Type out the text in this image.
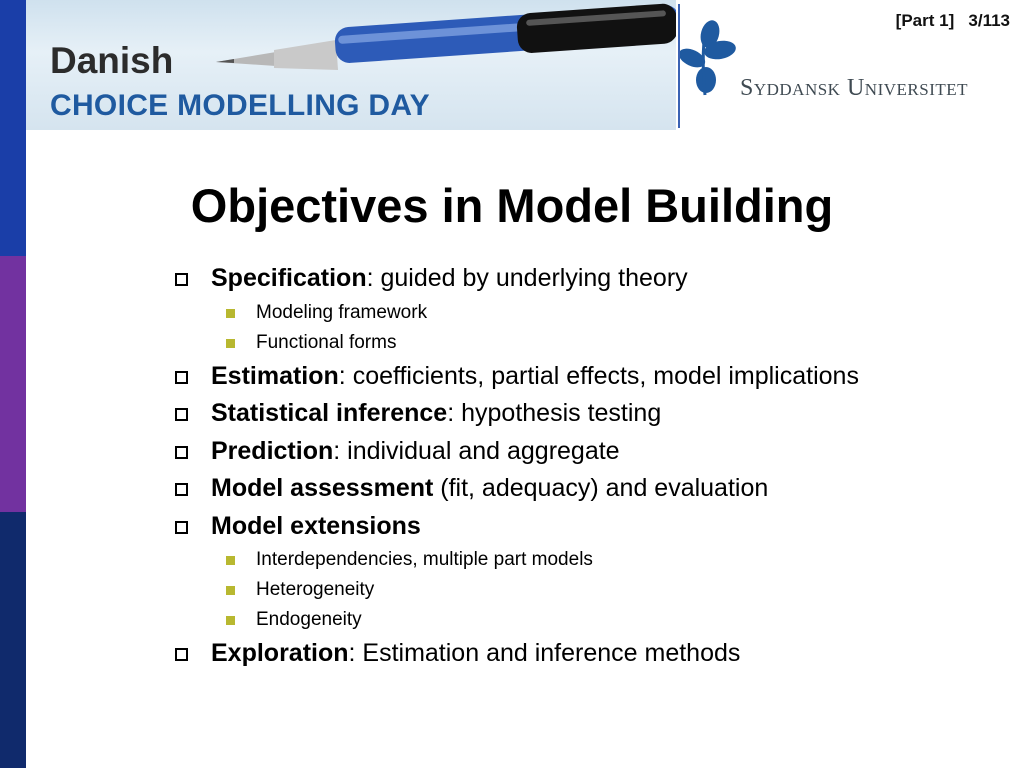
Danish
CHOICE MODELLING DAY
Syddansk Universitet
[Part 1]   3/113
Objectives in Model Building
Specification: guided by underlying theory
Modeling framework
Functional forms
Estimation: coefficients, partial effects, model implications
Statistical inference: hypothesis testing
Prediction: individual and aggregate
Model assessment (fit, adequacy) and evaluation
Model extensions
Interdependencies, multiple part models
Heterogeneity
Endogeneity
Exploration: Estimation and inference methods
